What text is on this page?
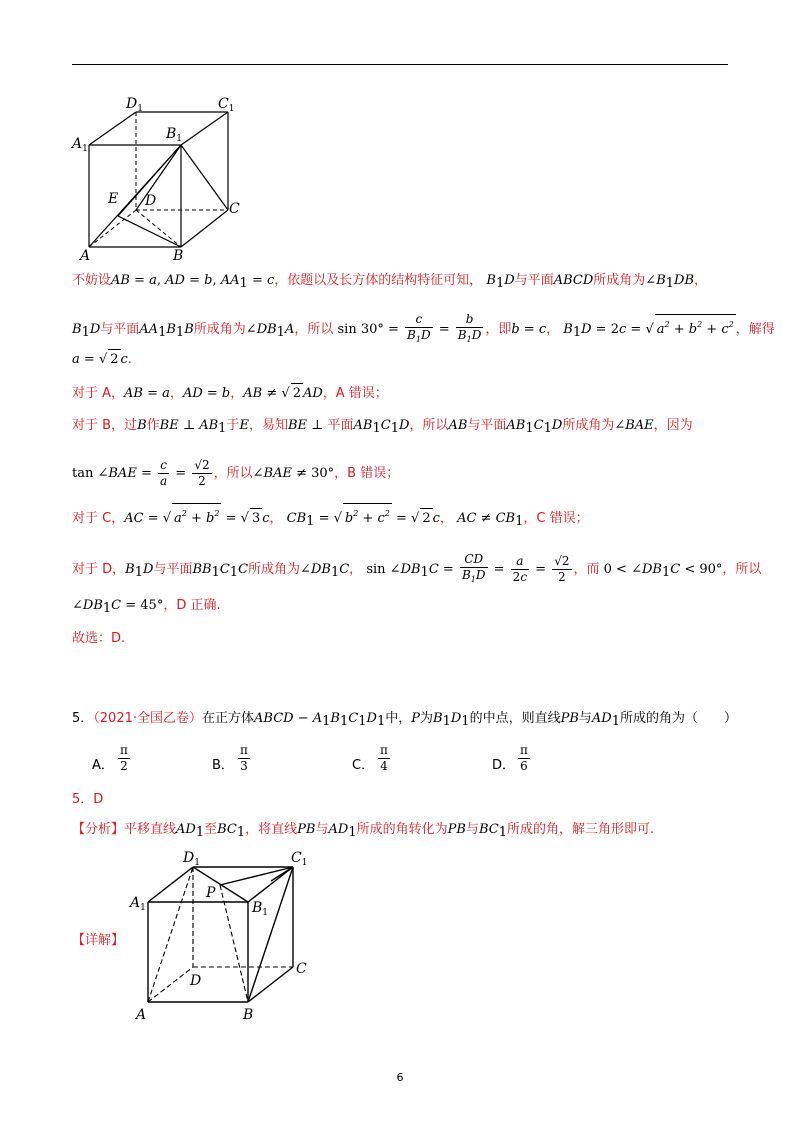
$D_1$	$C_1$
$A_1$
$B_1$
E D	C
A	B
不妨设AB = a, AD = b, $AA_1 = c$，依题以及长方体的结构特征可知， $B_1D$与平面ABCD所成角为$\angle B_1DB$，
$B_1D$与平面$AA_1B_1B$所成角为$\angle DB_1A$，所以 $\sin 30^\circ = \frac{c}{B_1D} = \frac{b}{B_1D}$ ，即b = c， $B_1D = 2c$ = √ $a^2 + b^2 + c^2$ ，解得
a = √ 2 c.
对于 A，AB = a，AD = b，AB ≠ √ 2 AD，A 错误；
对于 B，过B作BE ⊥ $AB_1$于E，易知BE ⊥ 平面$AB_1C_1D$，所以AB与平面$AB_1C_1D$所成角为∠BAE，因为
tan ∠BAE = $\frac{c}{a} = \frac{√2}{2}$ ，所以∠BAE ≠ 30°，B 错误；
对于 C，AC = √ $a^2 + b^2$ = √ 3 c， $CB_1$ = √ $b^2 + c^2$ = √ 2 c， AC ≠ $CB_1$，C 错误；
对于 D，$B_1D$与平面$BB_1C_1C$所成角为$\angle DB_1C$， $\sin \angle DB_1C = \frac{CD}{B_1D} = \frac{a}{2c} = \frac{√2}{2}$ ，而 $0 < \angle DB_1C < 90^\circ$，所以
$\angle DB_1C = 45^\circ$，D 正确.
故选：D.
5．（2021·全国乙卷）在正方体ABCD − $A_1B_1C_1D_1$中，P为$B_1D_1$的中点，则直线PB与$AD_1$所成的角为（　　）
A． $\frac{\pi}{2}$	B． $\frac{\pi}{3}$	C． $\frac{\pi}{4}$	D． $\frac{\pi}{6}$
5．D
【分析】平移直线$AD_1$至$BC_1$，将直线PB与$AD_1$所成的角转化为PB与$BC_1$所成的角，解三角形即可.
【详解】
$D_1$	$C_1$
$A_1$	$B_1$
P
D
C
A	B
6
